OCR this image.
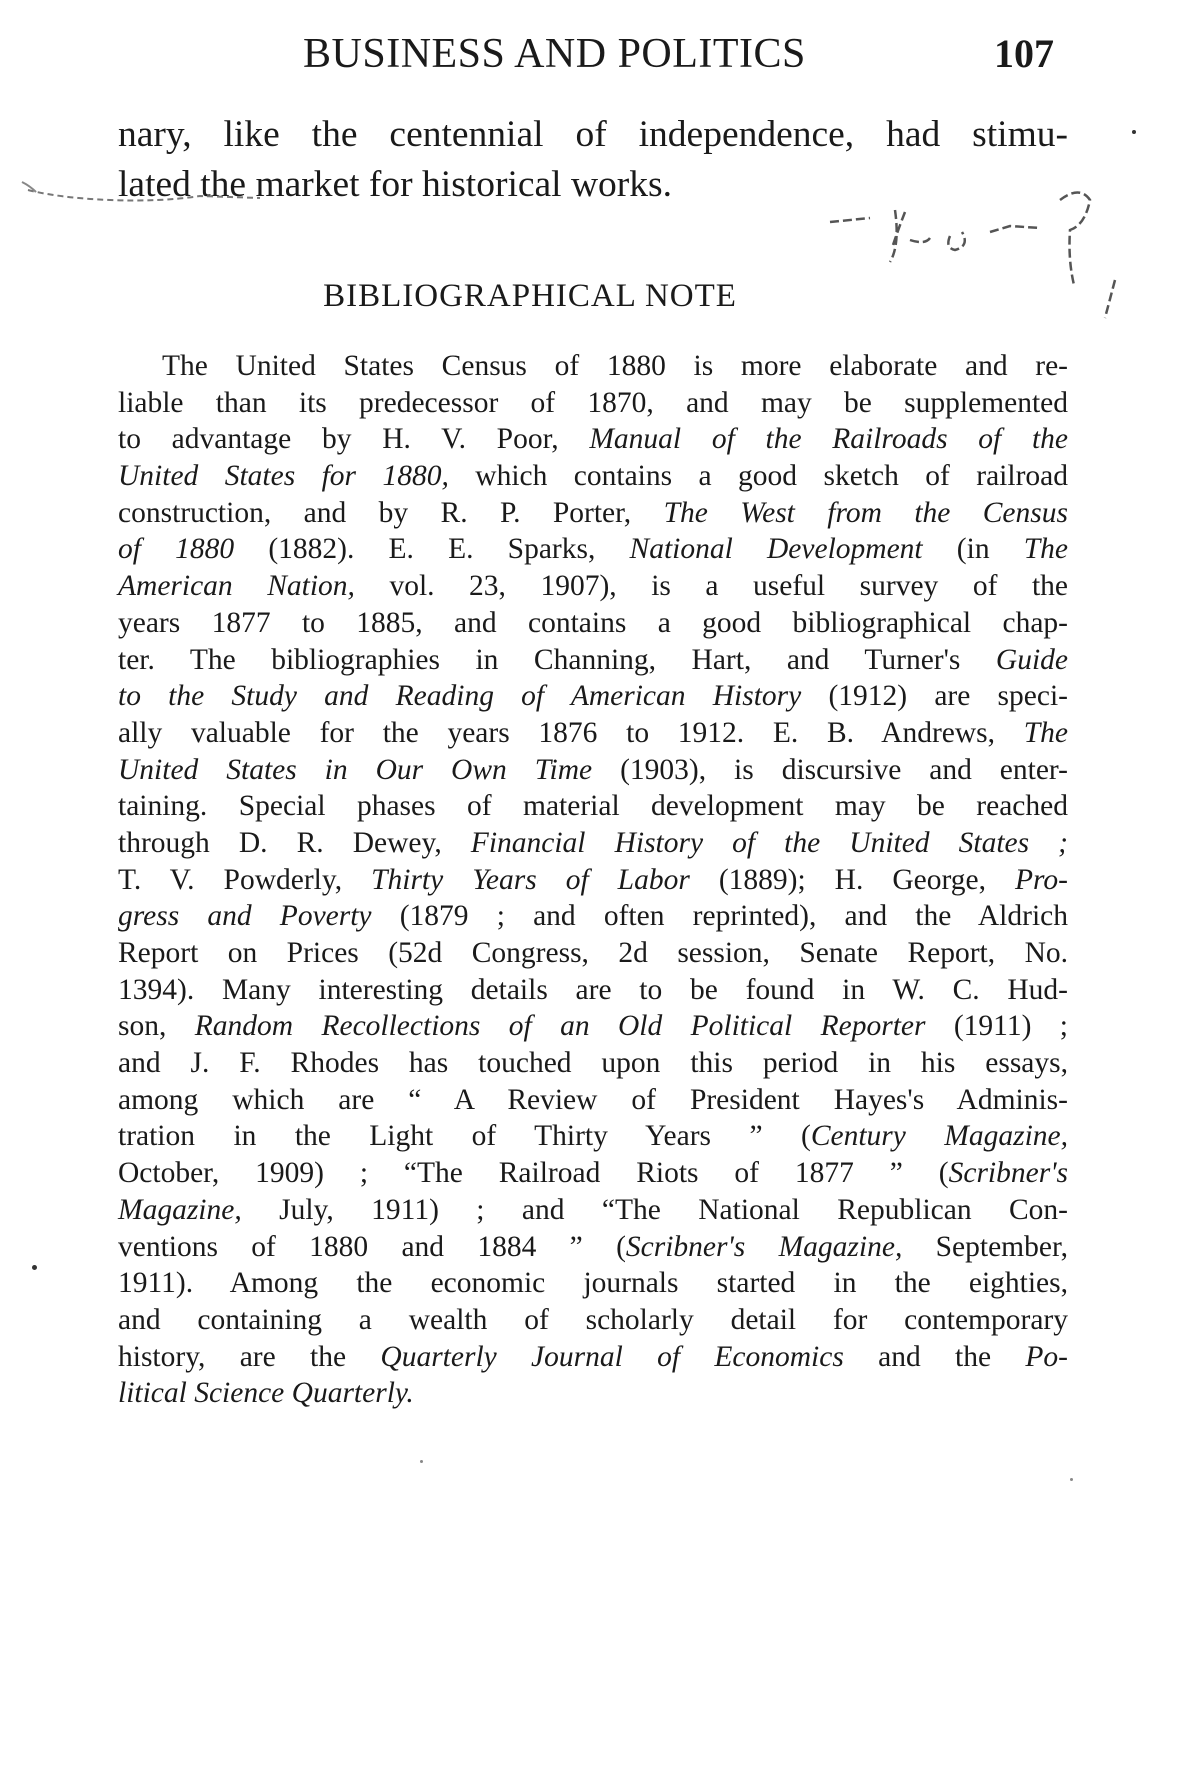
BUSINESS AND POLITICS	107
nary, like the centennial of independence, had stimu-
lated the market for historical works.
BIBLIOGRAPHICAL NOTE
The United States Census of 1880 is more elaborate and re-
liable than its predecessor of 1870, and may be supplemented
to advantage by H. V. Poor, Manual of the Railroads of the
United States for 1880, which contains a good sketch of railroad
construction, and by R. P. Porter, The West from the Census
of 1880 (1882). E. E. Sparks, National Development (in The
American Nation, vol. 23, 1907), is a useful survey of the
years 1877 to 1885, and contains a good bibliographical chap-
ter. The bibliographies in Channing, Hart, and Turner's Guide
to the Study and Reading of American History (1912) are speci-
ally valuable for the years 1876 to 1912. E. B. Andrews, The
United States in Our Own Time (1903), is discursive and enter-
taining. Special phases of material development may be reached
through D. R. Dewey, Financial History of the United States ;
T. V. Powderly, Thirty Years of Labor (1889); H. George, Pro-
gress and Poverty (1879 ; and often reprinted), and the Aldrich
Report on Prices (52d Congress, 2d session, Senate Report, No.
1394). Many interesting details are to be found in W. C. Hud-
son, Random Recollections of an Old Political Reporter (1911) ;
and J. F. Rhodes has touched upon this period in his essays,
among which are “ A Review of President Hayes's Adminis-
tration in the Light of Thirty Years ” (Century Magazine,
October, 1909) ; “The Railroad Riots of 1877 ” (Scribner's
Magazine, July, 1911) ; and “The National Republican Con-
ventions of 1880 and 1884 ” (Scribner's Magazine, September,
1911). Among the economic journals started in the eighties,
and containing a wealth of scholarly detail for contemporary
history, are the Quarterly Journal of Economics and the Po-
litical Science Quarterly.
